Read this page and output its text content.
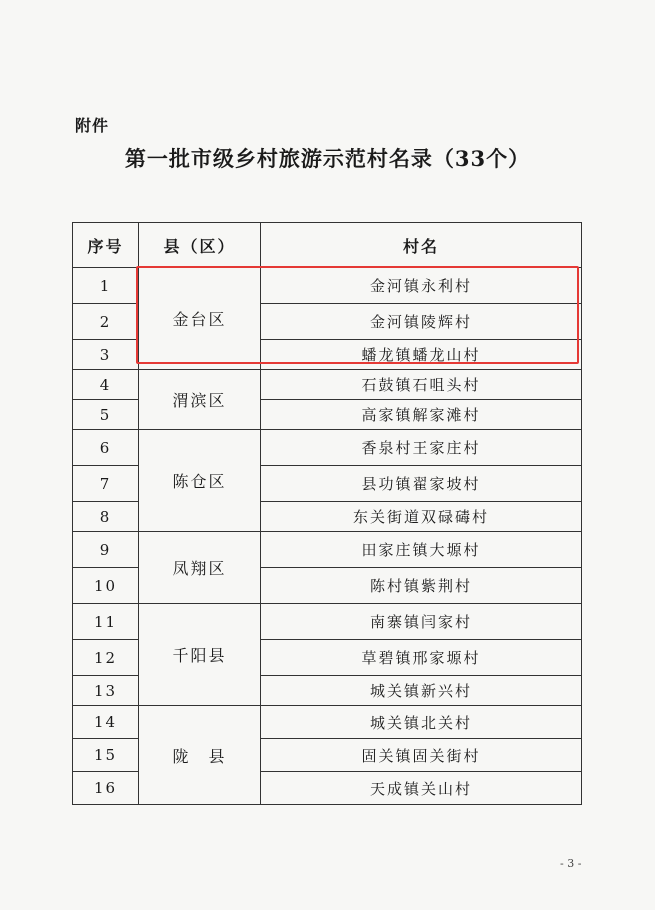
附件
第一批市级乡村旅游示范村名录（33个）
序号	县（区）	村名
1	金台区	金河镇永利村
2		金河镇陵辉村
3		蟠龙镇蟠龙山村
4	渭滨区	石鼓镇石咀头村
5		高家镇解家滩村
6	陈仓区	香泉村王家庄村
7		县功镇翟家坡村
8		东关街道双碌碡村
9	凤翔区	田家庄镇大塬村
10		陈村镇紫荆村
11	千阳县	南寨镇闫家村
12		草碧镇邢家塬村
13		城关镇新兴村
14	陇　县	城关镇北关村
15		固关镇固关街村
16		天成镇关山村
- 3 -
